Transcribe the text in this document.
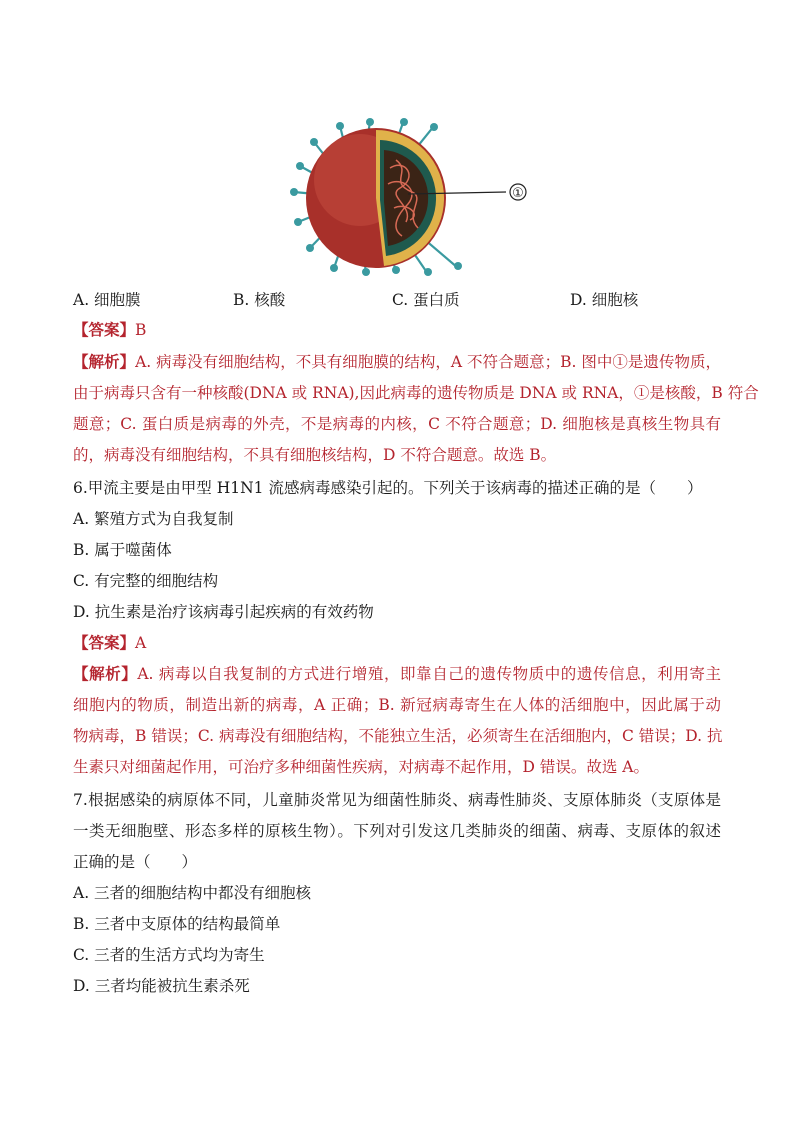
①
A. 细胞膜	B. 核酸	C. 蛋白质	D. 细胞核
【答案】B
【解析】A. 病毒没有细胞结构，不具有细胞膜的结构，A 不符合题意；B. 图中①是遗传物质，
由于病毒只含有一种核酸(DNA 或 RNA),因此病毒的遗传物质是 DNA 或 RNA，①是核酸，B 符合
题意；C. 蛋白质是病毒的外壳，不是病毒的内核，C 不符合题意；D. 细胞核是真核生物具有
的，病毒没有细胞结构，不具有细胞核结构，D 不符合题意。故选 B。
6.甲流主要是由甲型 H1N1 流感病毒感染引起的。下列关于该病毒的描述正确的是（　　）
A. 繁殖方式为自我复制
B. 属于噬菌体
C. 有完整的细胞结构
D. 抗生素是治疗该病毒引起疾病的有效药物
【答案】A
【解析】A. 病毒以自我复制的方式进行增殖，即靠自己的遗传物质中的遗传信息，利用寄主
细胞内的物质，制造出新的病毒，A 正确；B. 新冠病毒寄生在人体的活细胞中，因此属于动
物病毒，B 错误；C. 病毒没有细胞结构，不能独立生活，必须寄生在活细胞内，C 错误；D. 抗
生素只对细菌起作用，可治疗多种细菌性疾病，对病毒不起作用，D 错误。故选 A。
7.根据感染的病原体不同，儿童肺炎常见为细菌性肺炎、病毒性肺炎、支原体肺炎（支原体是
一类无细胞壁、形态多样的原核生物）。下列对引发这几类肺炎的细菌、病毒、支原体的叙述
正确的是（　　）
A. 三者的细胞结构中都没有细胞核
B. 三者中支原体的结构最简单
C. 三者的生活方式均为寄生
D. 三者均能被抗生素杀死
